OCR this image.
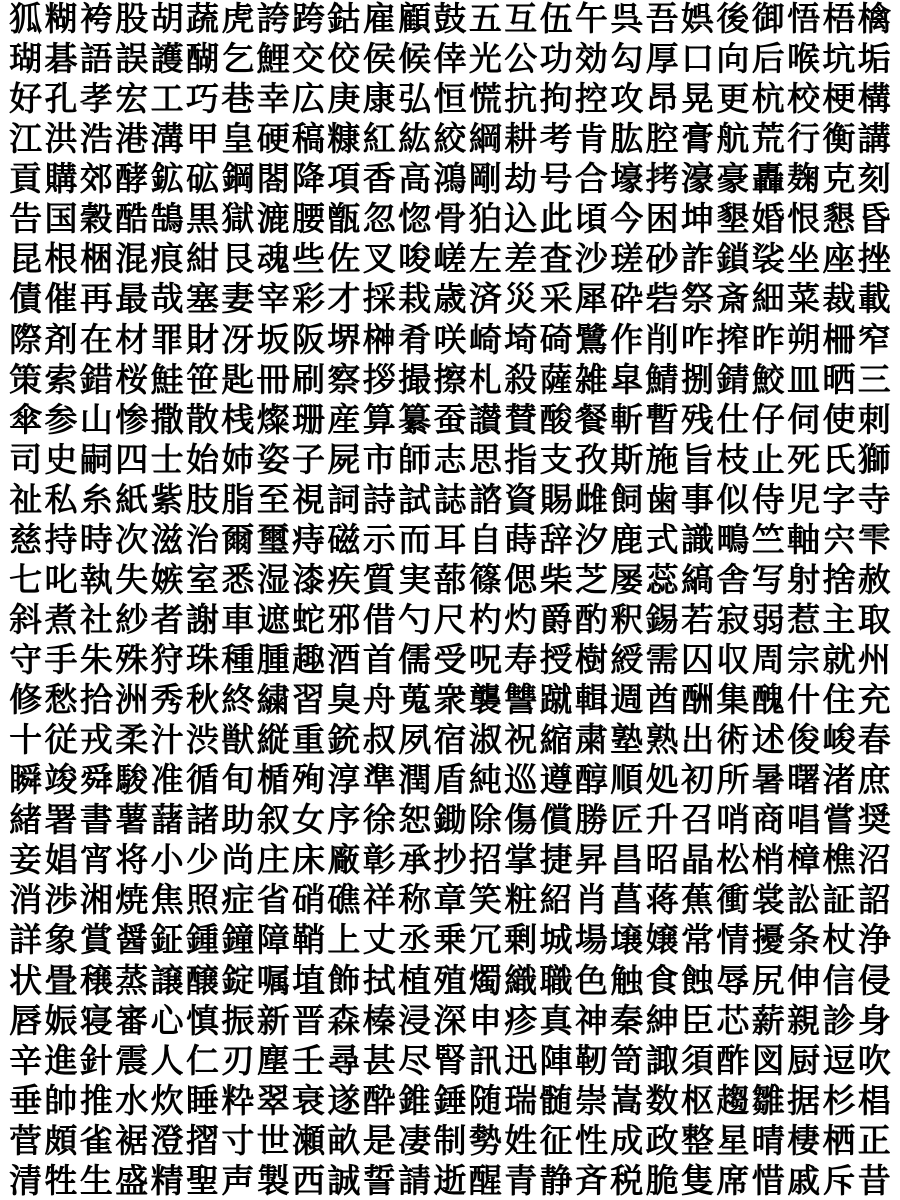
狐 糊 袴 股 胡 蔬 虎 誇 跨 鈷 雇 顧 鼓 五 互 伍 午 呉 吾 娯 後 御 悟 梧 檎
瑚 碁 語 誤 護 醐 乞 鯉 交 佼 侯 候 倖 光 公 功 効 勾 厚 口 向 后 喉 坑 垢
好 孔 孝 宏 工 巧 巷 幸 広 庚 康 弘 恒 慌 抗 拘 控 攻 昂 晃 更 杭 校 梗 構
江 洪 浩 港 溝 甲 皇 硬 稿 糠 紅 紘 絞 綱 耕 考 肯 肱 腔 膏 航 荒 行 衡 講
貢 購 郊 酵 鉱 砿 鋼 閤 降 項 香 高 鴻 剛 劫 号 合 壕 拷 濠 豪 轟 麹 克 刻
告 国 穀 酷 鵠 黒 獄 漉 腰 甑 忽 惚 骨 狛 込 此 頃 今 困 坤 墾 婚 恨 懇 昏
昆 根 梱 混 痕 紺 艮 魂 些 佐 叉 唆 嵯 左 差 査 沙 瑳 砂 詐 鎖 裟 坐 座 挫
債 催 再 最 哉 塞 妻 宰 彩 才 採 栽 歳 済 災 采 犀 砕 砦 祭 斎 細 菜 裁 載
際 剤 在 材 罪 財 冴 坂 阪 堺 榊 肴 咲 崎 埼 碕 鷺 作 削 咋 搾 昨 朔 柵 窄
策 索 錯 桜 鮭 笹 匙 冊 刷 察 拶 撮 擦 札 殺 薩 雑 皐 鯖 捌 錆 鮫 皿 晒 三
傘 参 山 惨 撒 散 桟 燦 珊 産 算 纂 蚕 讃 賛 酸 餐 斬 暫 残 仕 仔 伺 使 刺
司 史 嗣 四 士 始 姉 姿 子 屍 市 師 志 思 指 支 孜 斯 施 旨 枝 止 死 氏 獅
祉 私 糸 紙 紫 肢 脂 至 視 詞 詩 試 誌 諮 資 賜 雌 飼 歯 事 似 侍 児 字 寺
慈 持 時 次 滋 治 爾 璽 痔 磁 示 而 耳 自 蒔 辞 汐 鹿 式 識 鴫 竺 軸 宍 雫
七 叱 執 失 嫉 室 悉 湿 漆 疾 質 実 蔀 篠 偲 柴 芝 屡 蕊 縞 舎 写 射 捨 赦
斜 煮 社 紗 者 謝 車 遮 蛇 邪 借 勺 尺 杓 灼 爵 酌 釈 錫 若 寂 弱 惹 主 取
守 手 朱 殊 狩 珠 種 腫 趣 酒 首 儒 受 呪 寿 授 樹 綬 需 囚 収 周 宗 就 州
修 愁 拾 洲 秀 秋 終 繍 習 臭 舟 蒐 衆 襲 讐 蹴 輯 週 酋 酬 集 醜 什 住 充
十 従 戎 柔 汁 渋 獣 縦 重 銃 叔 夙 宿 淑 祝 縮 粛 塾 熟 出 術 述 俊 峻 春
瞬 竣 舜 駿 准 循 旬 楯 殉 淳 準 潤 盾 純 巡 遵 醇 順 処 初 所 暑 曙 渚 庶
緒 署 書 薯 藷 諸 助 叙 女 序 徐 恕 鋤 除 傷 償 勝 匠 升 召 哨 商 唱 嘗 奨
妾 娼 宵 将 小 少 尚 庄 床 廠 彰 承 抄 招 掌 捷 昇 昌 昭 晶 松 梢 樟 樵 沼
消 渉 湘 焼 焦 照 症 省 硝 礁 祥 称 章 笑 粧 紹 肖 菖 蒋 蕉 衝 裳 訟 証 詔
詳 象 賞 醤 鉦 鍾 鐘 障 鞘 上 丈 丞 乗 冗 剰 城 場 壌 嬢 常 情 擾 条 杖 浄
状 畳 穣 蒸 譲 醸 錠 嘱 埴 飾 拭 植 殖 燭 織 職 色 触 食 蝕 辱 尻 伸 信 侵
唇 娠 寝 審 心 慎 振 新 晋 森 榛 浸 深 申 疹 真 神 秦 紳 臣 芯 薪 親 診 身
辛 進 針 震 人 仁 刃 塵 壬 尋 甚 尽 腎 訊 迅 陣 靭 笥 諏 須 酢 図 厨 逗 吹
垂 帥 推 水 炊 睡 粋 翠 衰 遂 酔 錐 錘 随 瑞 髄 崇 嵩 数 枢 趨 雛 据 杉 椙
菅 頗 雀 裾 澄 摺 寸 世 瀬 畝 是 凄 制 勢 姓 征 性 成 政 整 星 晴 棲 栖 正
清 牲 生 盛 精 聖 声 製 西 誠 誓 請 逝 醒 青 静 斉 税 脆 隻 席 惜 戚 斥 昔
